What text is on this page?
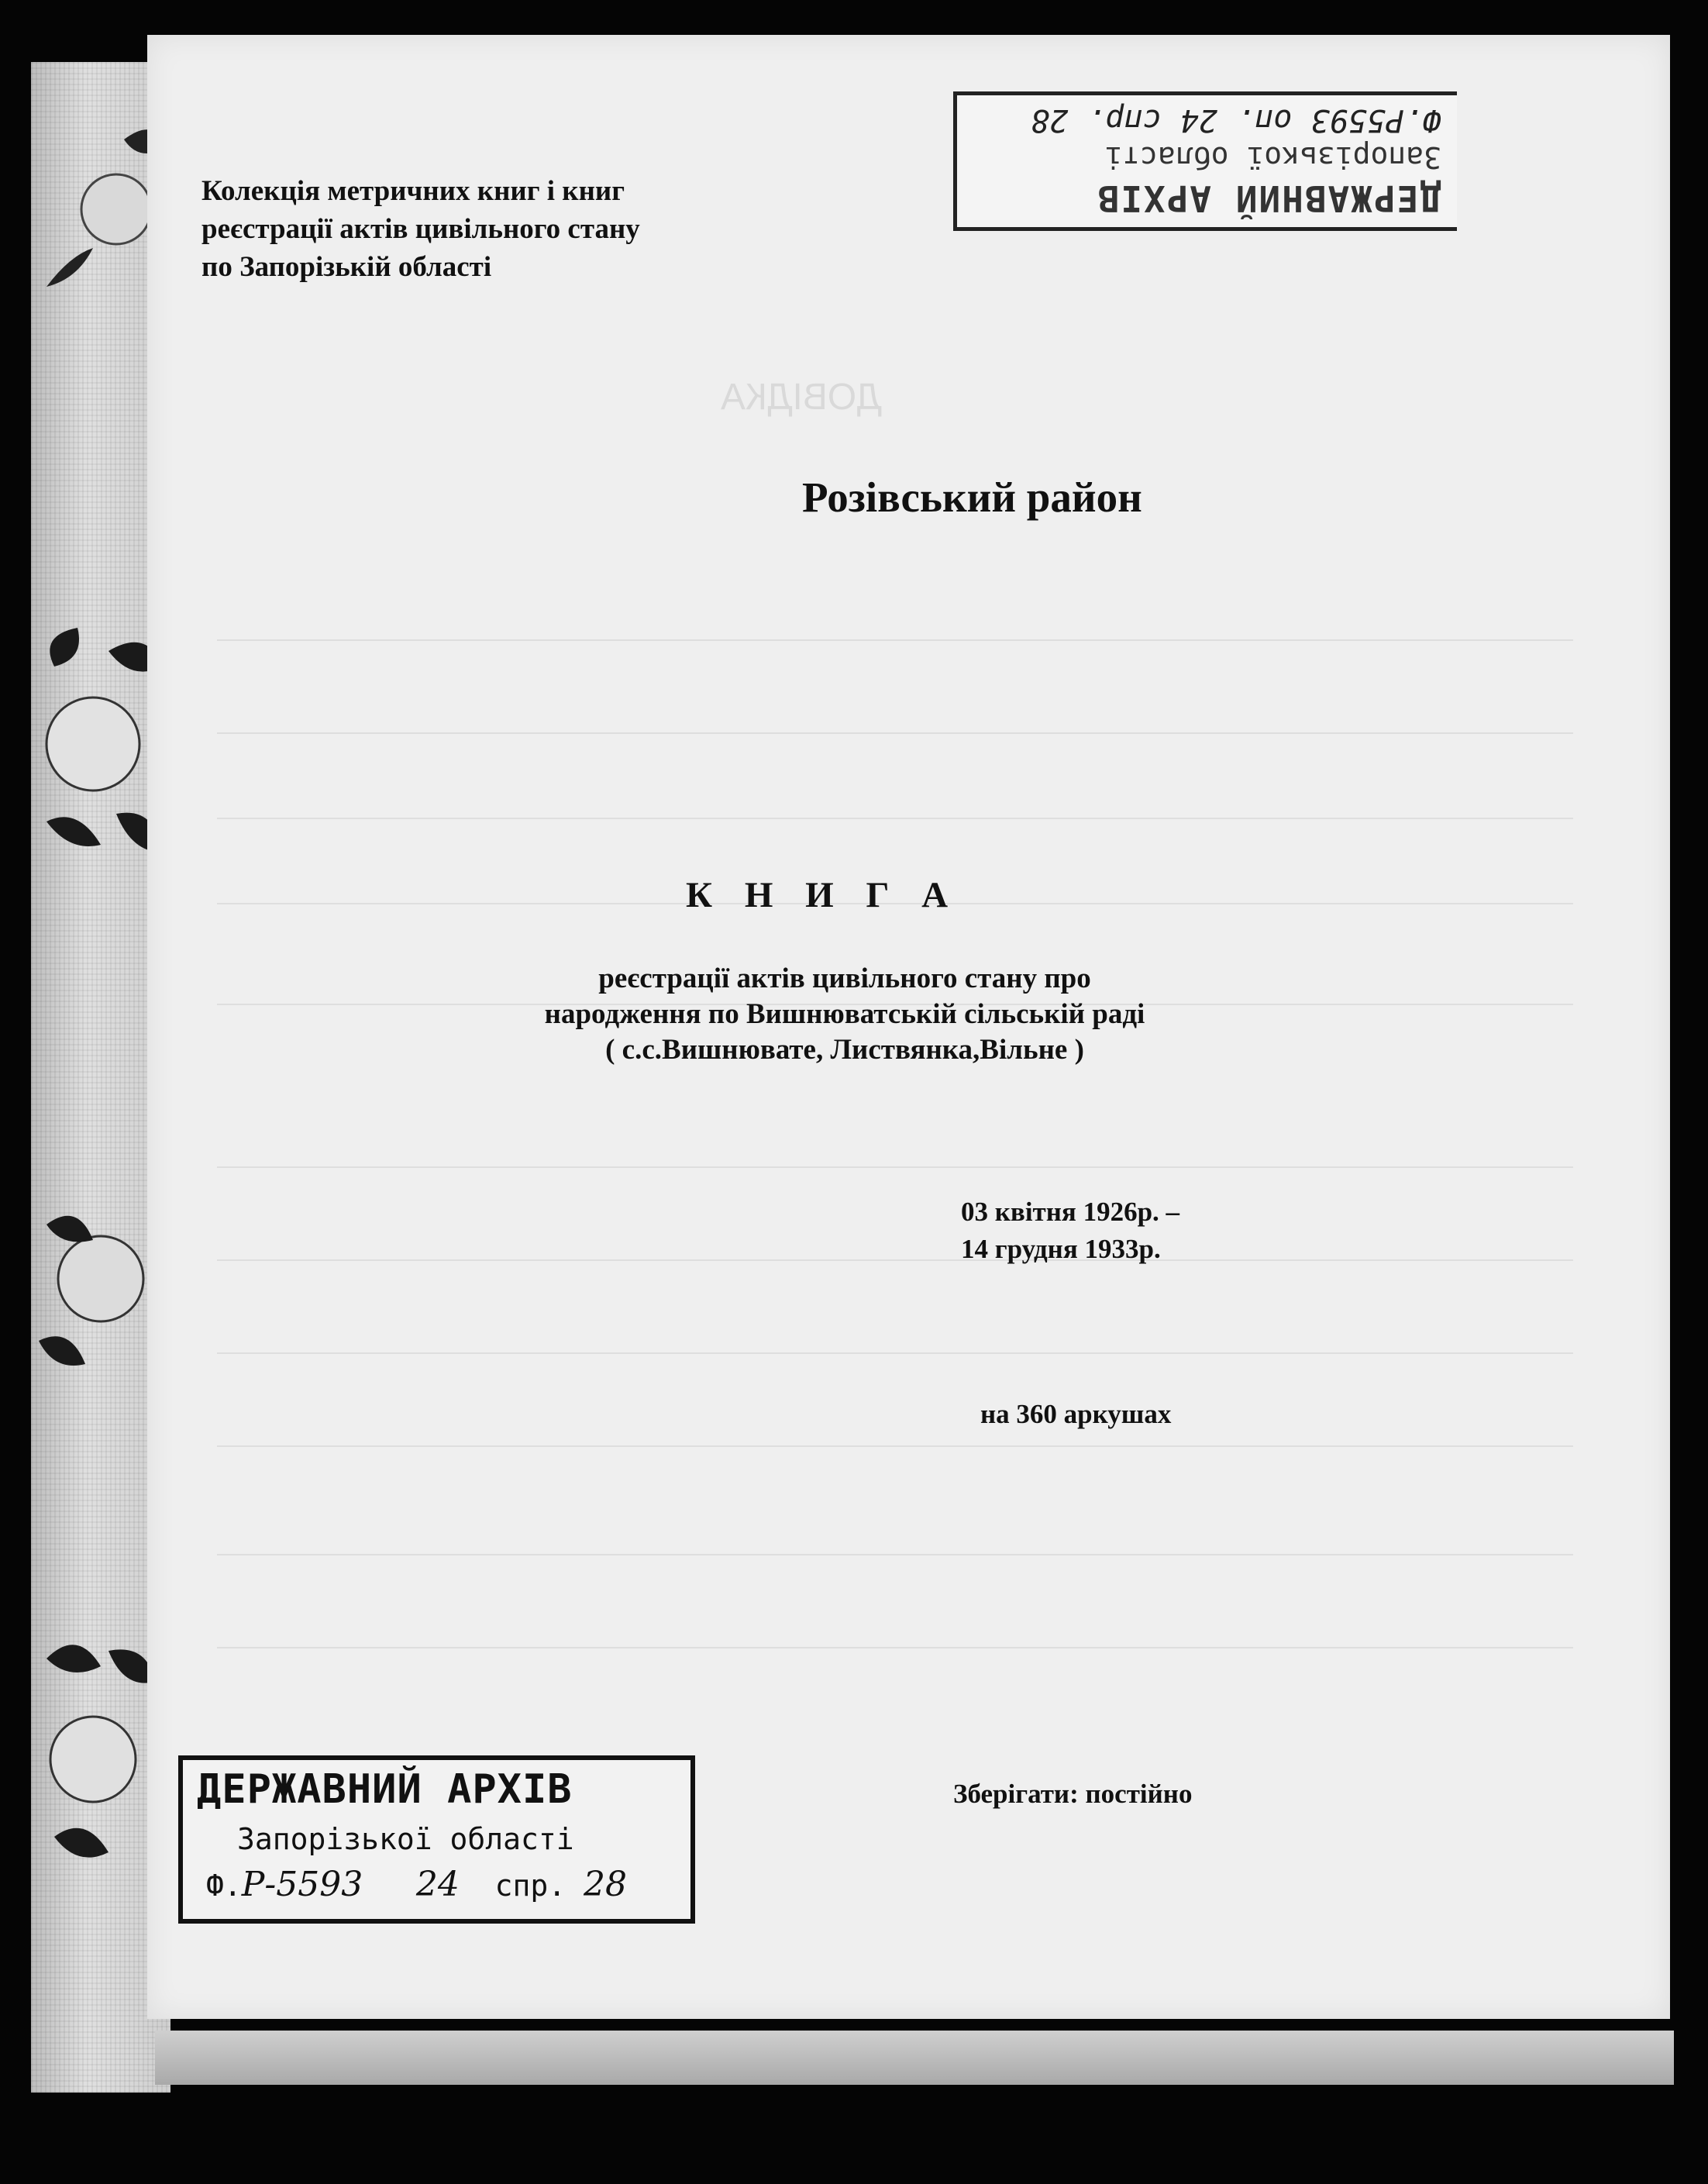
ДОВІДКА
ДЕРЖАВНИЙ АРХІВ
Запорізької області
Ф.Р5593 оп. 24 спр. 28
Колекція метричних книг і книг
реєстрації актів цивільного стану
по Запорізькій області
Розівський район
К Н И Г А
реєстрації актів цивільного стану про
народження по Вишнюватській сільській раді
( с.с.Вишнювате, Листвянка,Вільне )
03 квітня 1926р. –
14 грудня 1933р.
на 360 аркушах
Зберігати: постійно
ДЕРЖАВНИЙ АРХІВ
Запорізької області
Ф.Р-5593 24 спр. 28
